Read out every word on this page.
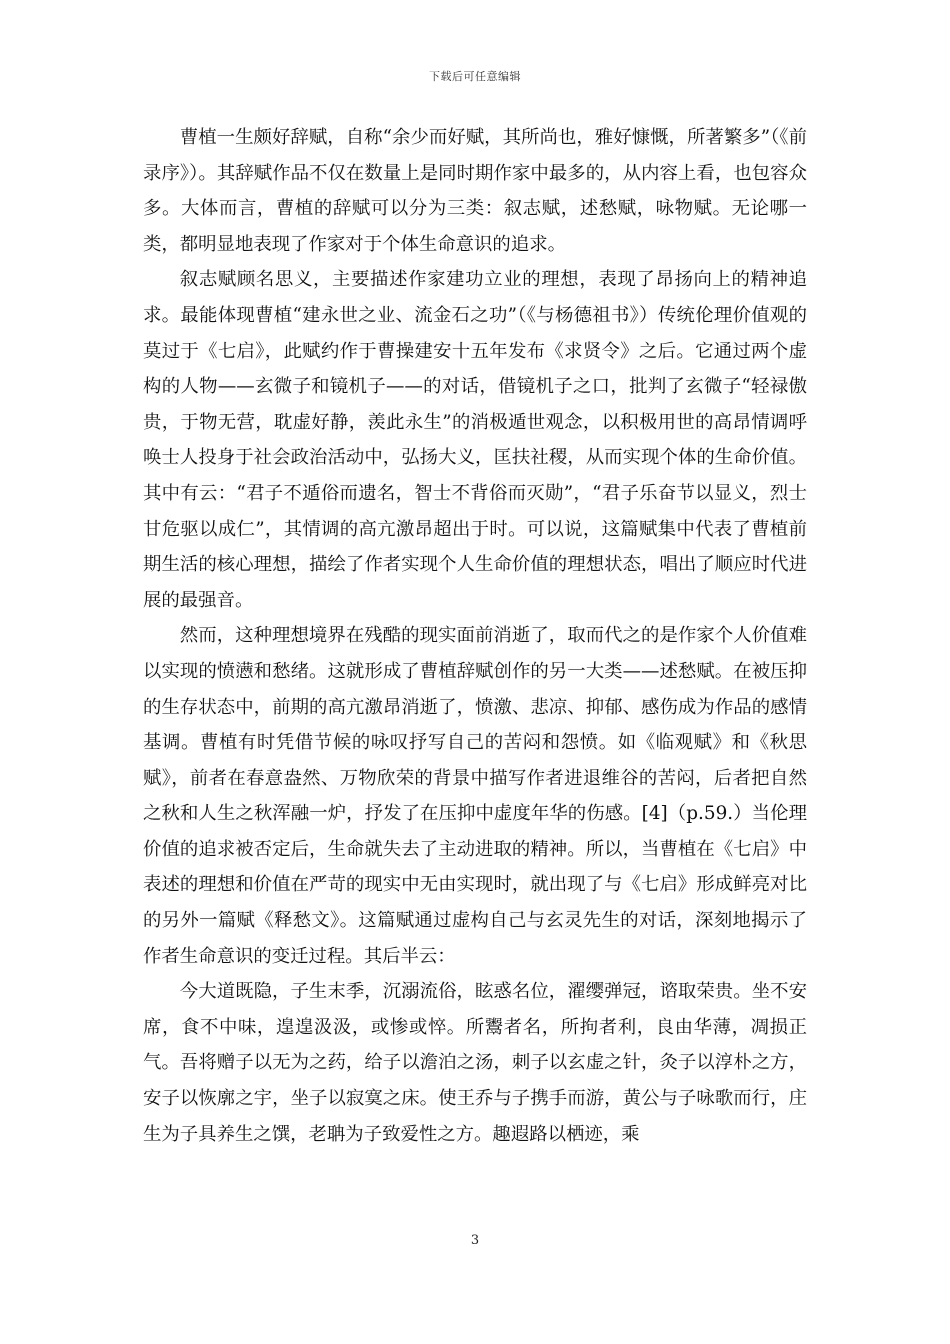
下载后可任意编辑

曹植一生颇好辞赋，自称“余少而好赋，其所尚也，雅好慷慨，所著繁多”（《前录序》）。其辞赋作品不仅在数量上是同时期作家中最多的，从内容上看，也包容众多。大体而言，曹植的辞赋可以分为三类：叙志赋，述愁赋，咏物赋。无论哪一类，都明显地表现了作家对于个体生命意识的追求。

叙志赋顾名思义，主要描述作家建功立业的理想，表现了昂扬向上的精神追求。最能体现曹植“建永世之业、流金石之功”（《与杨德祖书》）传统伦理价值观的莫过于《七启》，此赋约作于曹操建安十五年发布《求贤令》之后。它通过两个虚构的人物——玄微子和镜机子——的对话，借镜机子之口，批判了玄微子“轻禄傲贵，于物无营，耽虚好静，羡此永生”的消极遁世观念，以积极用世的高昂情调呼唤士人投身于社会政治活动中，弘扬大义，匡扶社稷，从而实现个体的生命价值。其中有云：“君子不遁俗而遗名，智士不背俗而灭勋”，“君子乐奋节以显义，烈士甘危驱以成仁”，其情调的高亢激昂超出于时。可以说，这篇赋集中代表了曹植前期生活的核心理想，描绘了作者实现个人生命价值的理想状态，唱出了顺应时代进展的最强音。

然而，这种理想境界在残酷的现实面前消逝了，取而代之的是作家个人价值难以实现的愤懑和愁绪。这就形成了曹植辞赋创作的另一大类——述愁赋。在被压抑的生存状态中，前期的高亢激昂消逝了，愤激、悲凉、抑郁、感伤成为作品的感情基调。曹植有时凭借节候的咏叹抒写自己的苦闷和怨愤。如《临观赋》和《秋思赋》，前者在春意盎然、万物欣荣的背景中描写作者进退维谷的苦闷，后者把自然之秋和人生之秋浑融一炉，抒发了在压抑中虚度年华的伤感。[4]（p.59.）当伦理价值的追求被否定后，生命就失去了主动进取的精神。所以，当曹植在《七启》中表述的理想和价值在严苛的现实中无由实现时，就出现了与《七启》形成鲜亮对比的另外一篇赋《释愁文》。这篇赋通过虚构自己与玄灵先生的对话，深刻地揭示了作者生命意识的变迁过程。其后半云：

今大道既隐，子生末季，沉溺流俗，眩惑名位，濯缨弹冠，谘取荣贵。坐不安席，食不中味，遑遑汲汲，或惨或悴。所鬻者名，所拘者利，良由华薄，凋损正气。吾将赠子以无为之药，给子以澹泊之汤，刺子以玄虚之针，灸子以淳朴之方，安子以恢廓之宇，坐子以寂寞之床。使王乔与子携手而游，黄公与子咏歌而行，庄生为子具养生之馔，老聃为子致爱性之方。趣遐路以栖迹，乘

3
